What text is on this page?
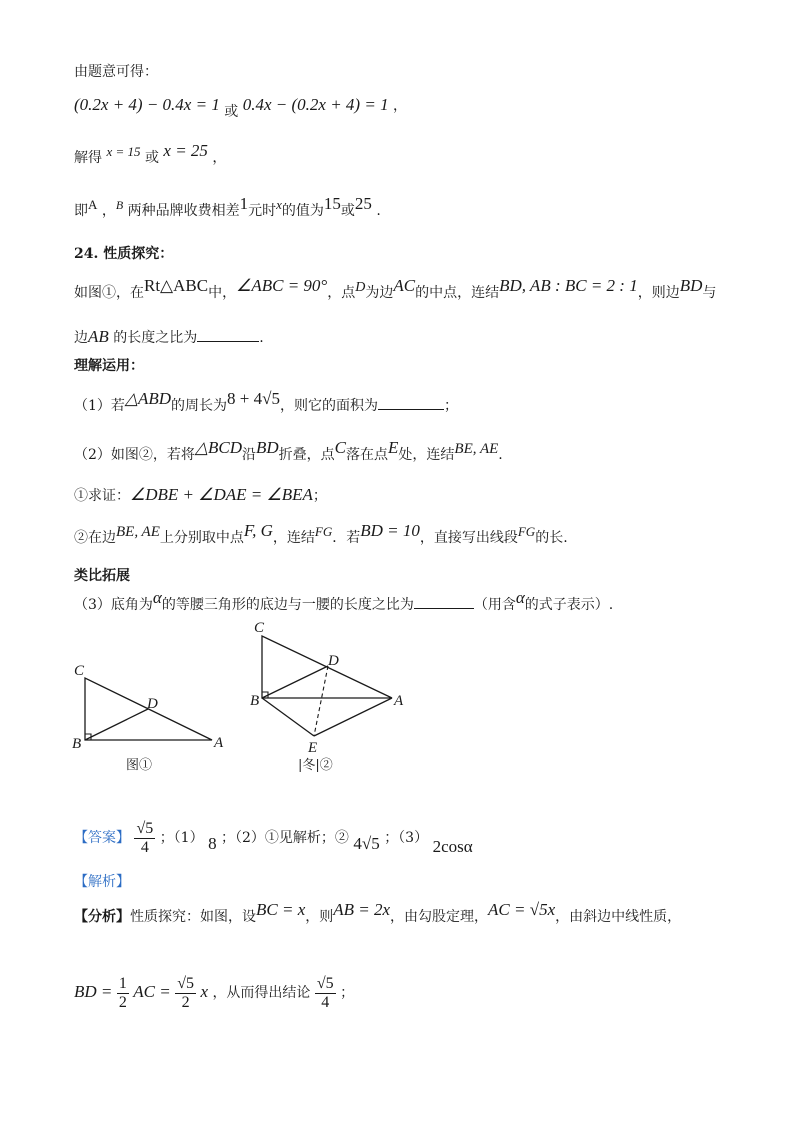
由题意可得：
(0.2x + 4) − 0.4x = 1 或 0.4x − (0.2x + 4) = 1 ，
解得 x = 15 或 x = 25 ，
即A ，B 两种品牌收费相差1元时x的值为15或25 .
24. 性质探究：
如图①，在Rt△ABC中，∠ABC = 90°，点D为边AC的中点，连结BD, AB : BC = 2 : 1，则边BD与
边AB 的长度之比为	.
理解运用：
（1）若△ABD的周长为8 + 4√5，则它的面积为	；
（2）如图②，若将△BCD沿BD折叠，点C落在点E处，连结BE, AE.
①求证：∠DBE + ∠DAE = ∠BEA；
②在边BE, AE上分别取中点F, G，连结FG．若BD = 10，直接写出线段FG的长.
类比拓展
（3）底角为α的等腰三角形的底边与一腰的长度之比为	（用含α的式子表示）.
C
D
B	A
图①
C
D
B	A
E
|冬|②
【答案】 $\frac{√5}{4}$ ；（1） 8 ；（2）①见解析；② 4√5 ；（3） 2cosα
【解析】
【分析】性质探究：如图，设BC = x，则AB = 2x，由勾股定理，AC = √5x，由斜边中线性质，
BD = $\frac{1}{2}$ AC = $\frac{√5}{2}$ x ，从而得出结论 $\frac{√5}{4}$ ；
